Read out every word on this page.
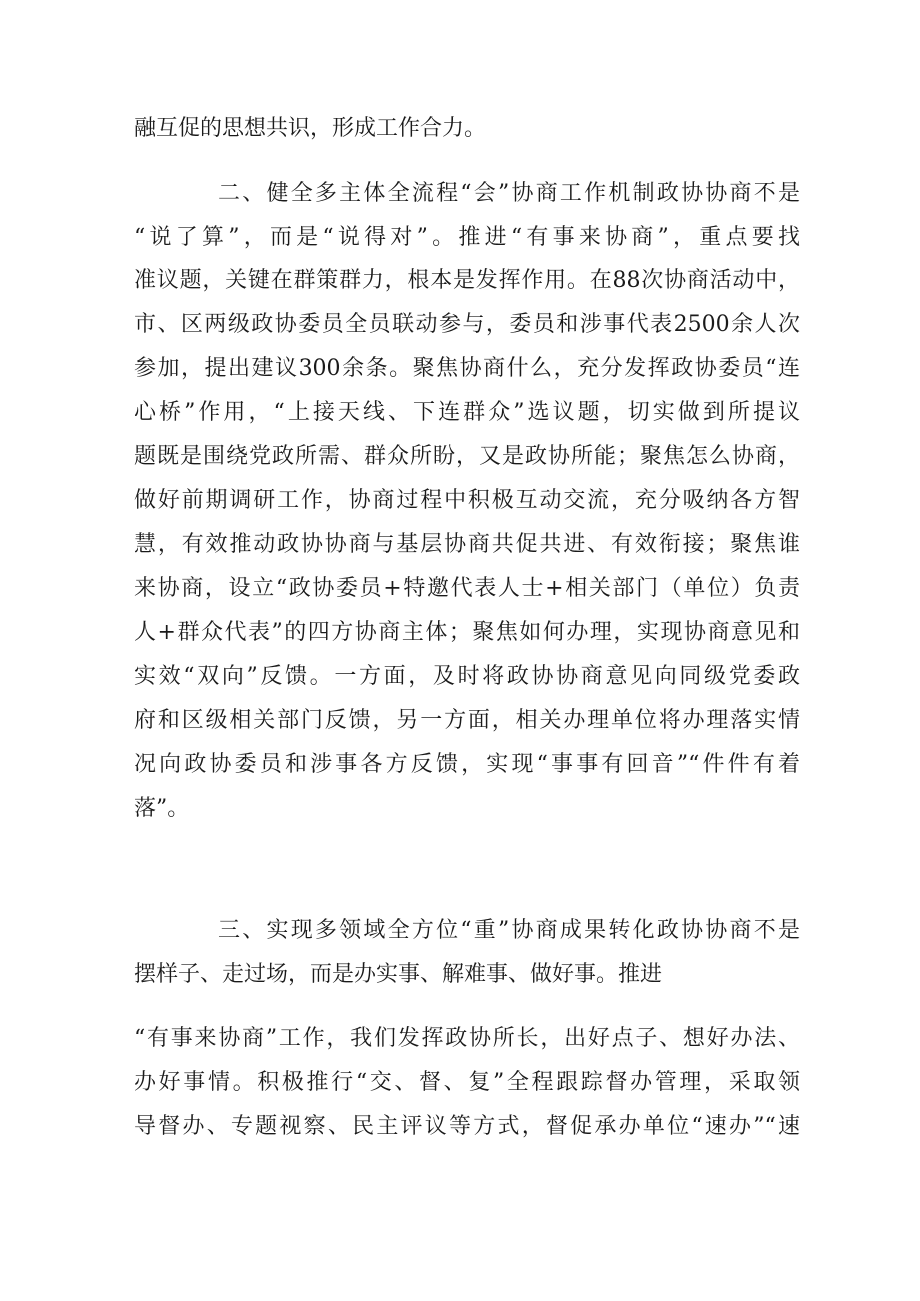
融互促的思想共识，形成工作合力。
二、健全多主体全流程“会”协商工作机制政协协商不是
“说了算”，而是“说得对”。推进“有事来协商”，重点要找
准议题，关键在群策群力，根本是发挥作用。在88次协商活动中，
市、区两级政协委员全员联动参与，委员和涉事代表2500余人次
参加，提出建议300余条。聚焦协商什么，充分发挥政协委员“连
心桥”作用，“上接天线、下连群众”选议题，切实做到所提议
题既是围绕党政所需、群众所盼，又是政协所能；聚焦怎么协商，
做好前期调研工作，协商过程中积极互动交流，充分吸纳各方智
慧，有效推动政协协商与基层协商共促共进、有效衔接；聚焦谁
来协商，设立“政协委员+特邀代表人士+相关部门（单位）负责
人+群众代表”的四方协商主体；聚焦如何办理，实现协商意见和
实效“双向”反馈。一方面，及时将政协协商意见向同级党委政
府和区级相关部门反馈，另一方面，相关办理单位将办理落实情
况向政协委员和涉事各方反馈，实现“事事有回音”“件件有着
落”。
三、实现多领域全方位“重”协商成果转化政协协商不是
摆样子、走过场，而是办实事、解难事、做好事。推进
“有事来协商”工作，我们发挥政协所长，出好点子、想好办法、
办好事情。积极推行“交、督、复”全程跟踪督办管理，采取领
导督办、专题视察、民主评议等方式，督促承办单位“速办”“速
